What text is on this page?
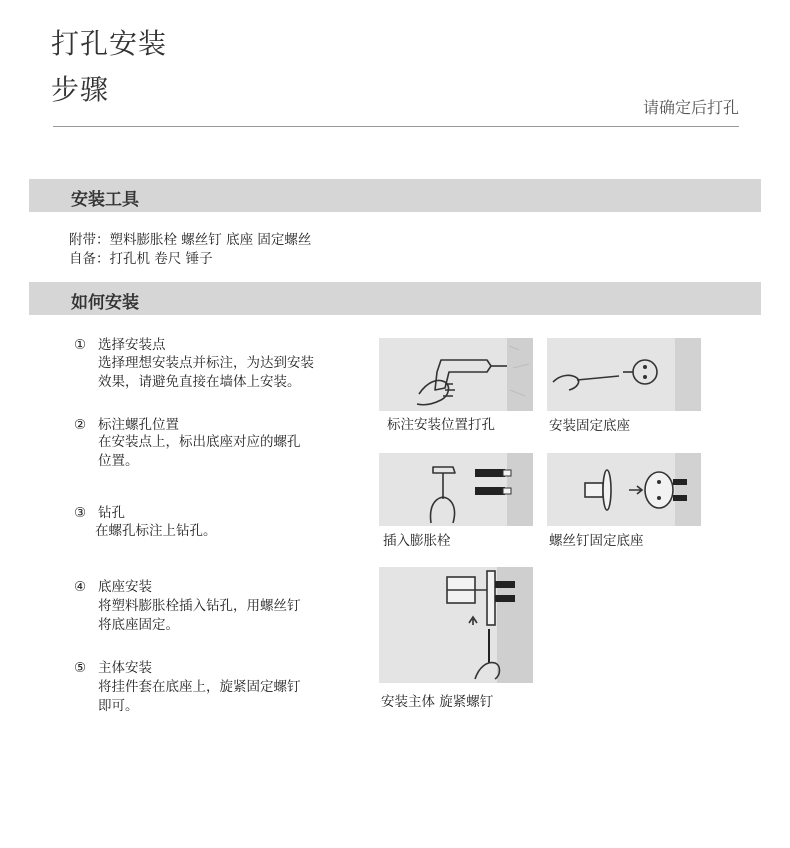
打孔安装
步骤
请确定后打孔
安装工具
附带：塑料膨胀栓 螺丝钉 底座 固定螺丝
自备：打孔机 卷尺 锤子
如何安装
① 选择安装点
选择理想安装点并标注，为达到安装
效果，请避免直接在墙体上安装。
② 标注螺孔位置
在安装点上，标出底座对应的螺孔
位置。
③ 钻孔
在螺孔标注上钻孔。
④ 底座安装
将塑料膨胀栓插入钻孔，用螺丝钉
将底座固定。
⑤ 主体安装
将挂件套在底座上，旋紧固定螺钉
即可。
标注安装位置打孔	安装固定底座
插入膨胀栓	螺丝钉固定底座
安装主体 旋紧螺钉
